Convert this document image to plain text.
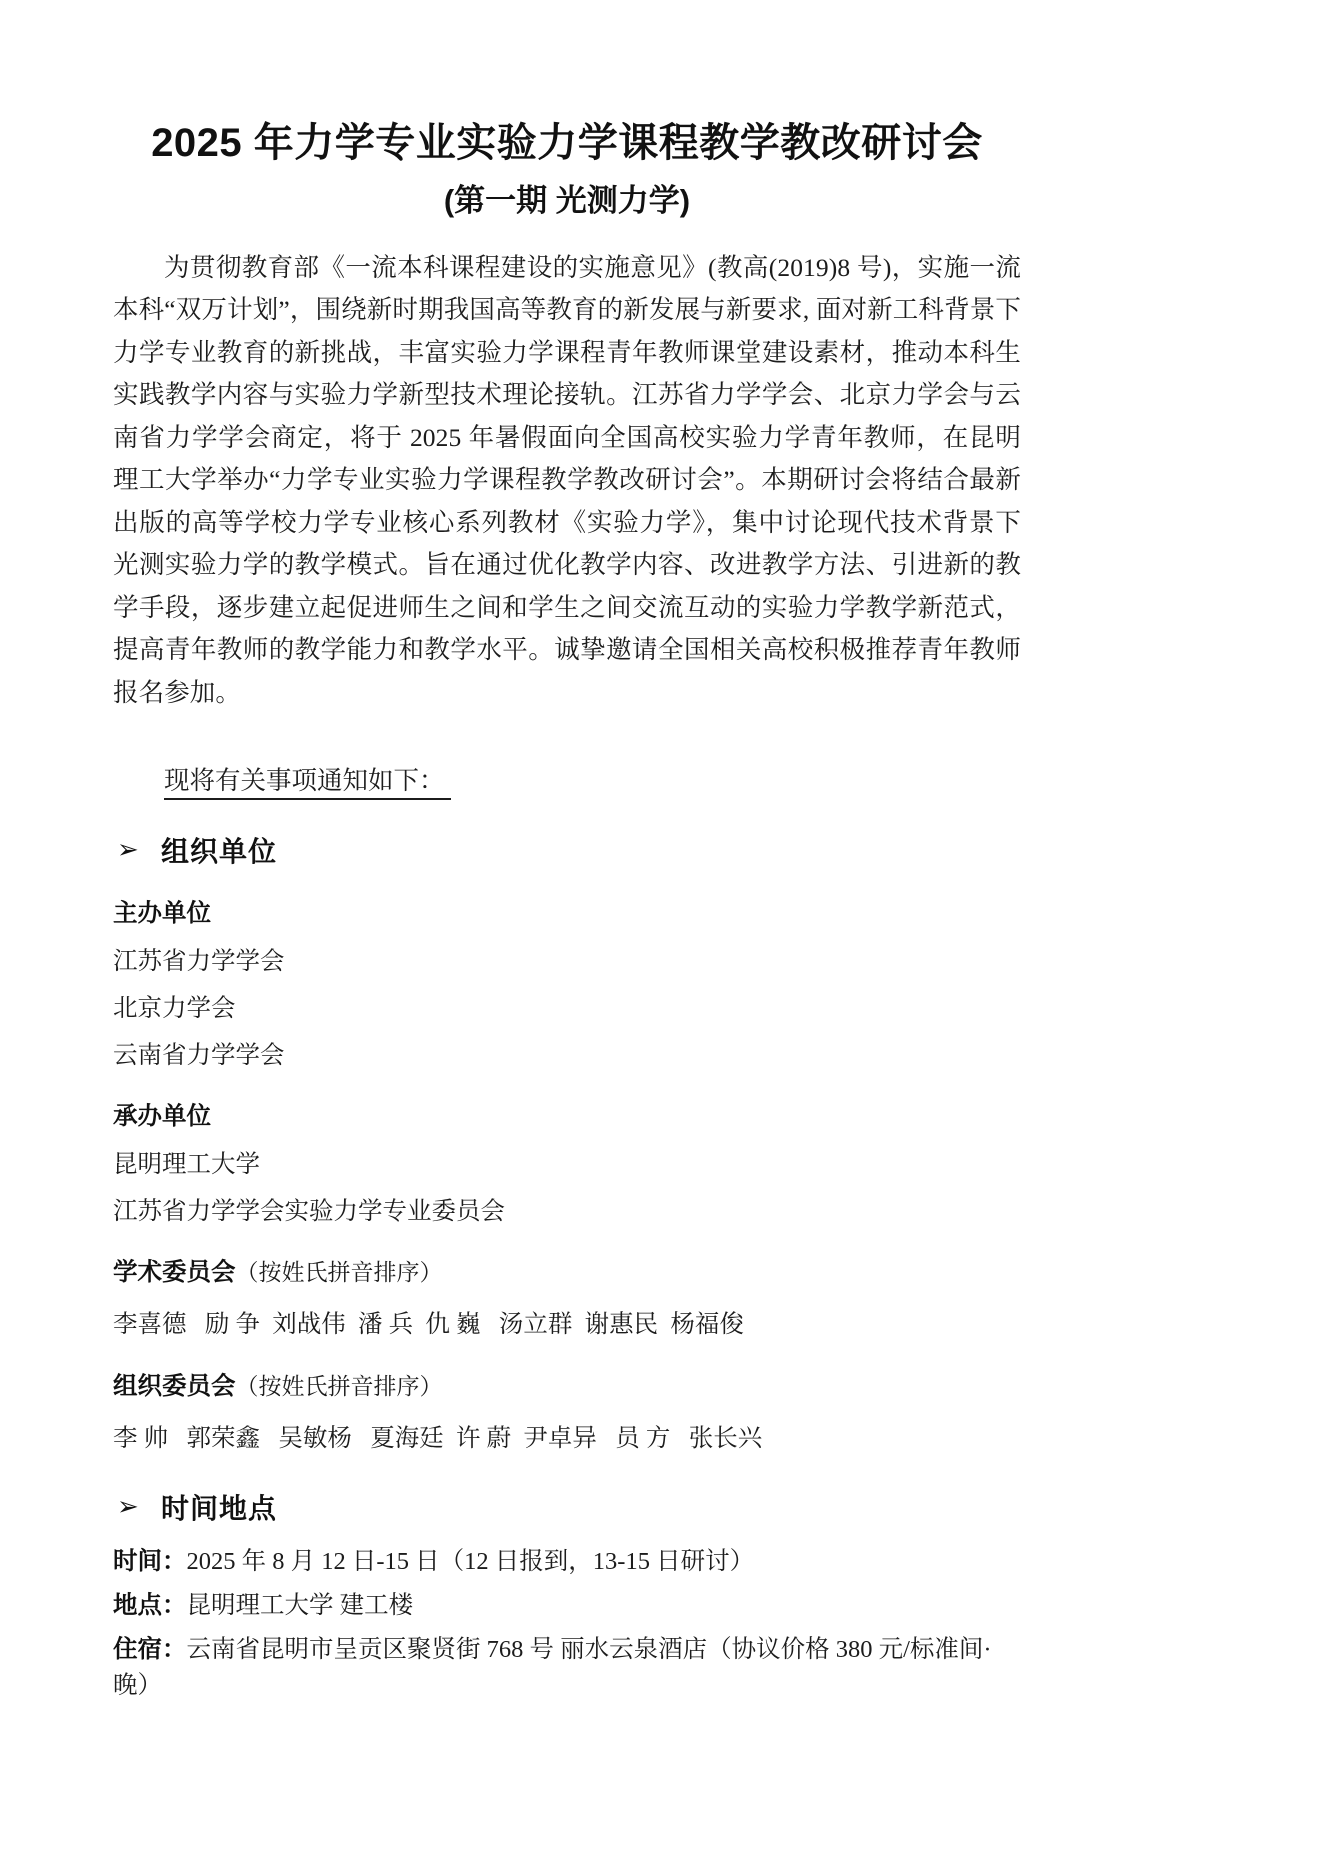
2025 年力学专业实验力学课程教学教改研讨会
(第一期 光测力学)

为贯彻教育部《一流本科课程建设的实施意见》(教高(2019)8 号)，实施一流本科“双万计划”，围绕新时期我国高等教育的新发展与新要求, 面对新工科背景下力学专业教育的新挑战，丰富实验力学课程青年教师课堂建设素材，推动本科生实践教学内容与实验力学新型技术理论接轨。江苏省力学学会、北京力学会与云南省力学学会商定，将于 2025 年暑假面向全国高校实验力学青年教师，在昆明理工大学举办“力学专业实验力学课程教学教改研讨会”。本期研讨会将结合最新出版的高等学校力学专业核心系列教材《实验力学》，集中讨论现代技术背景下光测实验力学的教学模式。旨在通过优化教学内容、改进教学方法、引进新的教学手段，逐步建立起促进师生之间和学生之间交流互动的实验力学教学新范式，提高青年教师的教学能力和教学水平。诚挚邀请全国相关高校积极推荐青年教师报名参加。

现将有关事项通知如下：

➢ 组织单位

主办单位

江苏省力学学会

北京力学会

云南省力学学会

承办单位

昆明理工大学

江苏省力学学会实验力学专业委员会

学术委员会（按姓氏拼音排序）

李喜德   励 争  刘战伟  潘 兵  仇 巍   汤立群  谢惠民  杨福俊

组织委员会（按姓氏拼音排序）

李 帅   郭荣鑫   吴敏杨   夏海廷  许 蔚  尹卓异   员 方   张长兴

➢ 时间地点

时间：2025 年 8 月 12 日-15 日（12 日报到，13-15 日研讨）

地点：昆明理工大学 建工楼

住宿：云南省昆明市呈贡区聚贤街 768 号 丽水云泉酒店（协议价格 380 元/标准间·晚）
